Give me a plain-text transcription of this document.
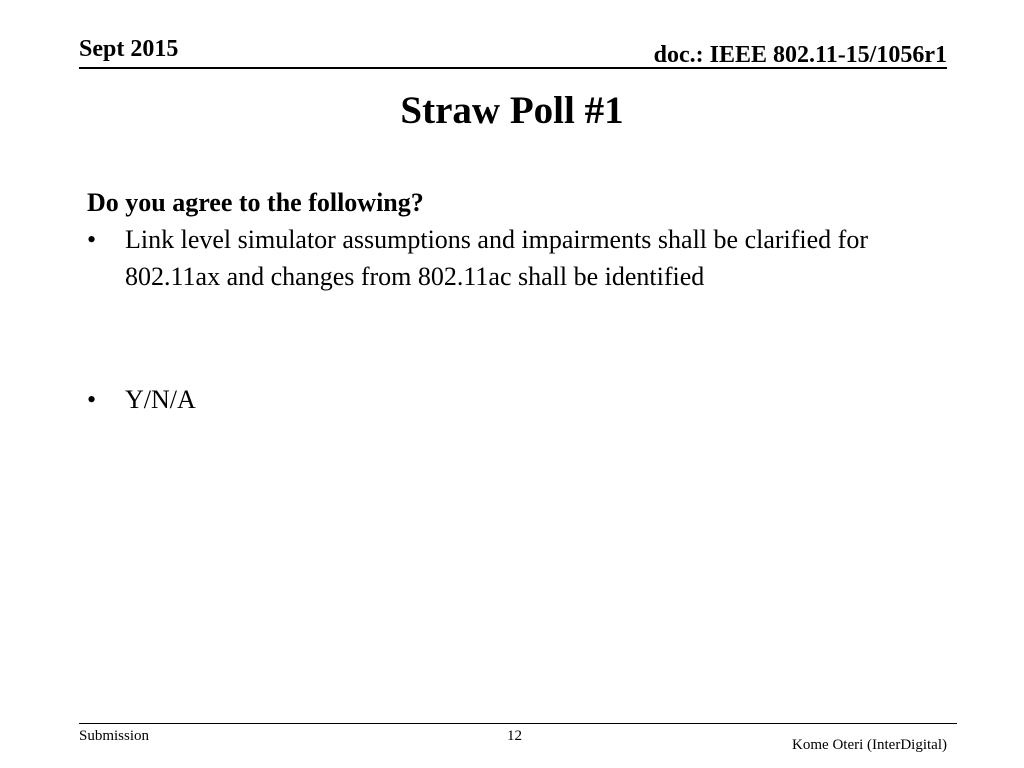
Sept 2015	doc.: IEEE 802.11-15/1056r1
Straw Poll #1
Do you agree to the following?
• Link level simulator assumptions and impairments shall be clarified for 802.11ax and changes from 802.11ac shall be identified
• Y/N/A
Submission	12
Kome Oteri (InterDigital)
